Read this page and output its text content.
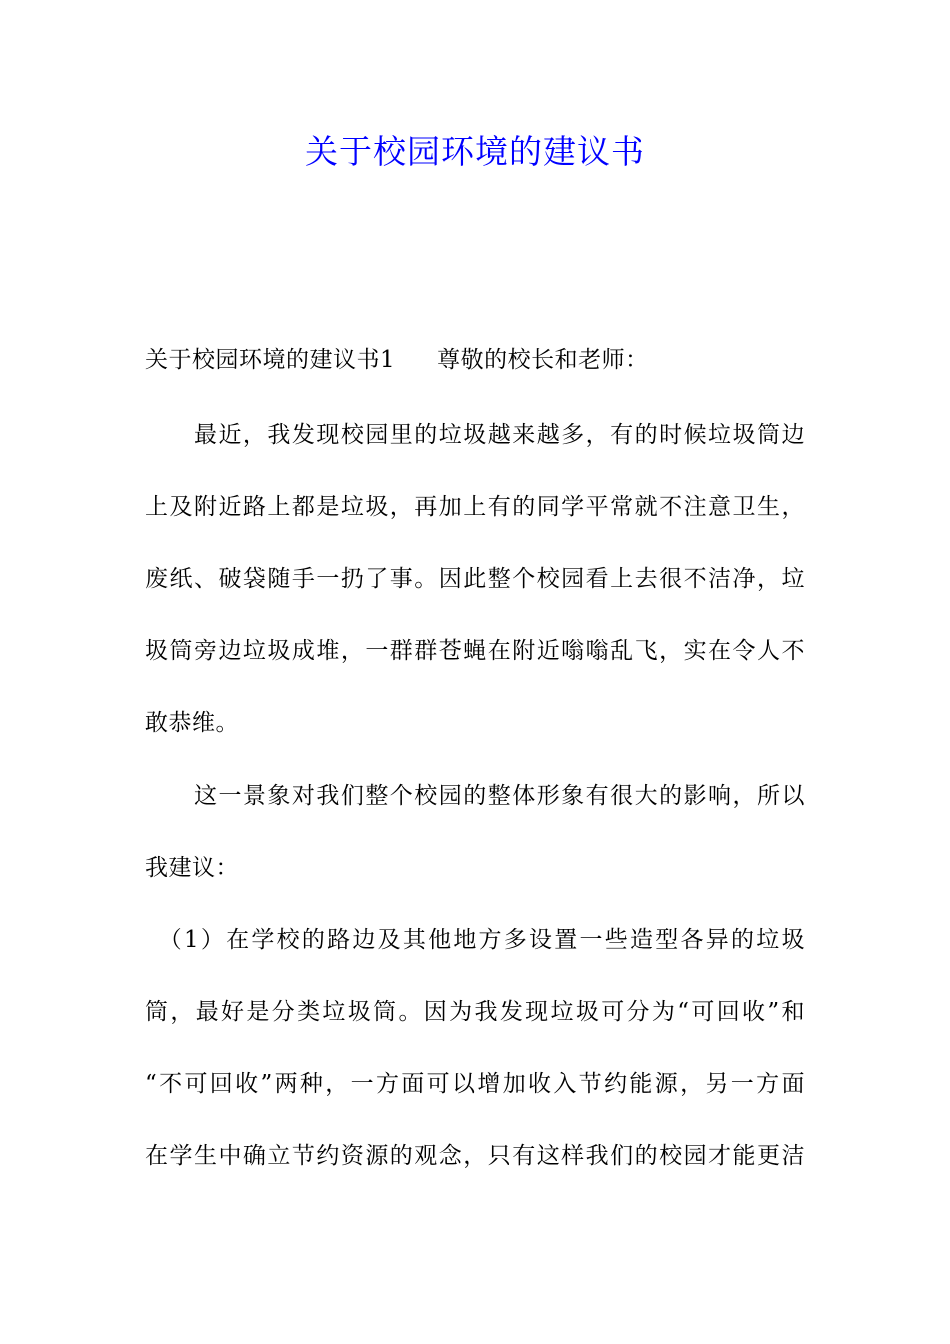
关于校园环境的建议书
关于校园环境的建议书1 尊敬的校长和老师：
　　最近，我发现校园里的垃圾越来越多，有的时候垃圾筒边
上及附近路上都是垃圾，再加上有的同学平常就不注意卫生，
废纸、破袋随手一扔了事。因此整个校园看上去很不洁净，垃
圾筒旁边垃圾成堆，一群群苍蝇在附近嗡嗡乱飞，实在令人不
敢恭维。
　　这一景象对我们整个校园的整体形象有很大的影响，所以
我建议：
　（1）在学校的路边及其他地方多设置一些造型各异的垃圾
筒，最好是分类垃圾筒。因为我发现垃圾可分为“可回收”和
“不可回收”两种，一方面可以增加收入节约能源，另一方面
在学生中确立节约资源的观念，只有这样我们的校园才能更洁
